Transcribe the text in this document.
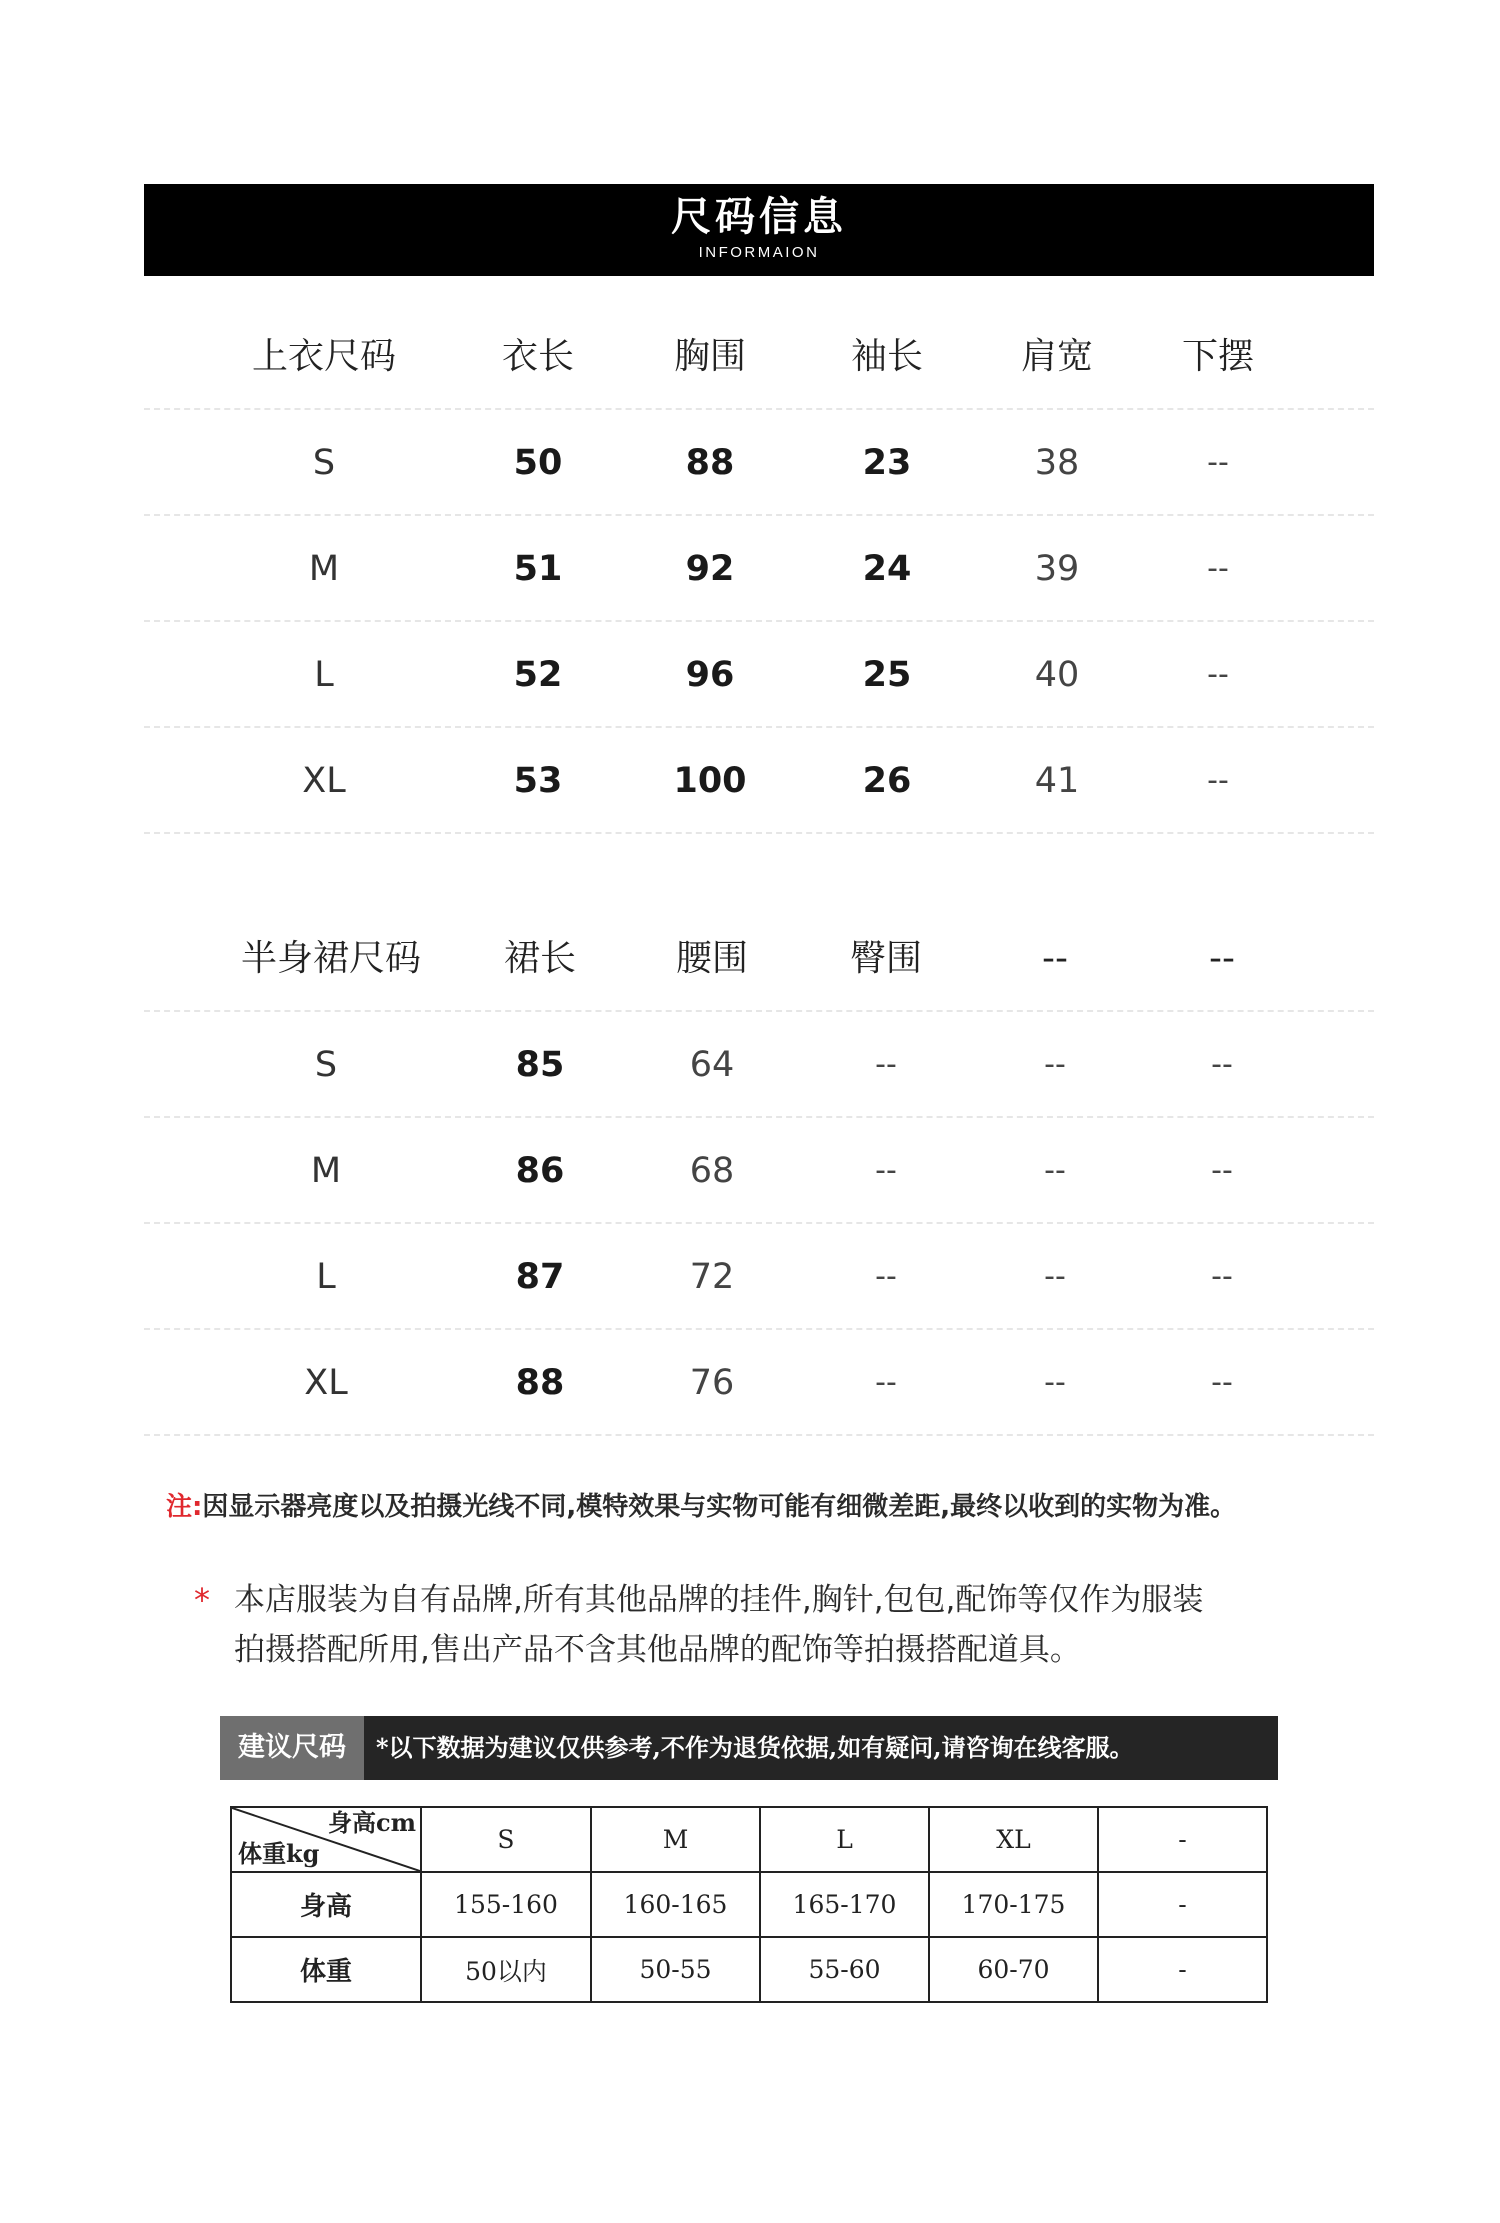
尺码信息
INFORMAION
上衣尺码	衣长	胸围	袖长	肩宽	下摆
S	50	88	23	38	--
M	51	92	24	39	--
L	52	96	25	40	--
XL	53	100	26	41	--
半身裙尺码	裙长	腰围	臀围	--	--
S	85	64	--	--	--
M	86	68	--	--	--
L	87	72	--	--	--
XL	88	76	--	--	--
注:因显示器亮度以及拍摄光线不同,模特效果与实物可能有细微差距,最终以收到的实物为准。
* 本店服装为自有品牌,所有其他品牌的挂件,胸针,包包,配饰等仅作为服装
拍摄搭配所用,售出产品不含其他品牌的配饰等拍摄搭配道具。
建议尺码	*以下数据为建议仅供参考,不作为退货依据,如有疑问,请咨询在线客服。
身高cm
体重kg	S	M	L	XL	-
身高	155-160	160-165	165-170	170-175	-
体重	50以内	50-55	55-60	60-70	-
